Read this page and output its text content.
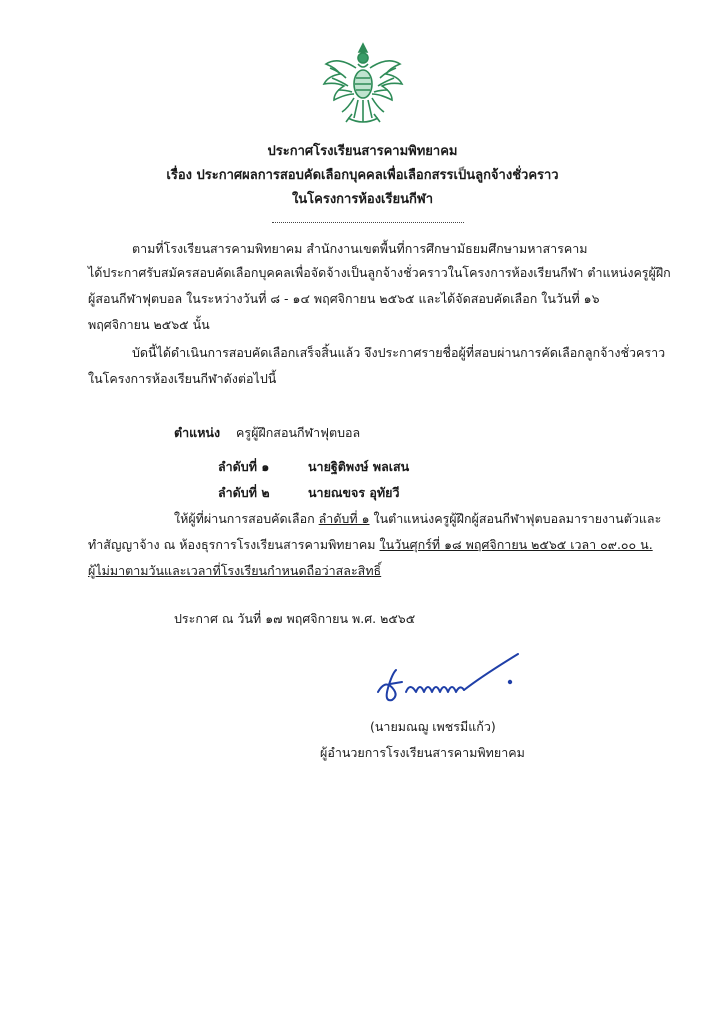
ประกาศโรงเรียนสารคามพิทยาคม
เรื่อง ประกาศผลการสอบคัดเลือกบุคคลเพื่อเลือกสรรเป็นลูกจ้างชั่วคราว
ในโครงการห้องเรียนกีฬา
ตามที่โรงเรียนสารคามพิทยาคม สำนักงานเขตพื้นที่การศึกษามัธยมศึกษามหาสารคาม
ได้ประกาศรับสมัครสอบคัดเลือกบุคคลเพื่อจัดจ้างเป็นลูกจ้างชั่วคราวในโครงการห้องเรียนกีฬา ตำแหน่งครูผู้ฝึก
ผู้สอนกีฬาฟุตบอล ในระหว่างวันที่ ๘ - ๑๔ พฤศจิกายน ๒๕๖๕ และได้จัดสอบคัดเลือก ในวันที่ ๑๖
พฤศจิกายน ๒๕๖๕ นั้น
บัดนี้ได้ดำเนินการสอบคัดเลือกเสร็จสิ้นแล้ว จึงประกาศรายชื่อผู้ที่สอบผ่านการคัดเลือกลูกจ้างชั่วคราว
ในโครงการห้องเรียนกีฬาดังต่อไปนี้
ตำแหน่ง ครูผู้ฝึกสอนกีฬาฟุตบอล
ลำดับที่ ๑	นายฐิติพงษ์ พลเสน
ลำดับที่ ๒	นายณขจร อุทัยวี
ให้ผู้ที่ผ่านการสอบคัดเลือก ลำดับที่ ๑ ในตำแหน่งครูผู้ฝึกผู้สอนกีฬาฟุตบอลมารายงานตัวและ
ทำสัญญาจ้าง ณ ห้องธุรการโรงเรียนสารคามพิทยาคม ในวันศุกร์ที่ ๑๘ พฤศจิกายน ๒๕๖๕ เวลา ๐๙.๐๐ น.
ผู้ไม่มาตามวันและเวลาที่โรงเรียนกำหนดถือว่าสละสิทธิ์
ประกาศ ณ วันที่ ๑๗ พฤศจิกายน พ.ศ. ๒๕๖๕
(นายมณฌู เพชรมีแก้ว)
ผู้อำนวยการโรงเรียนสารคามพิทยาคม
